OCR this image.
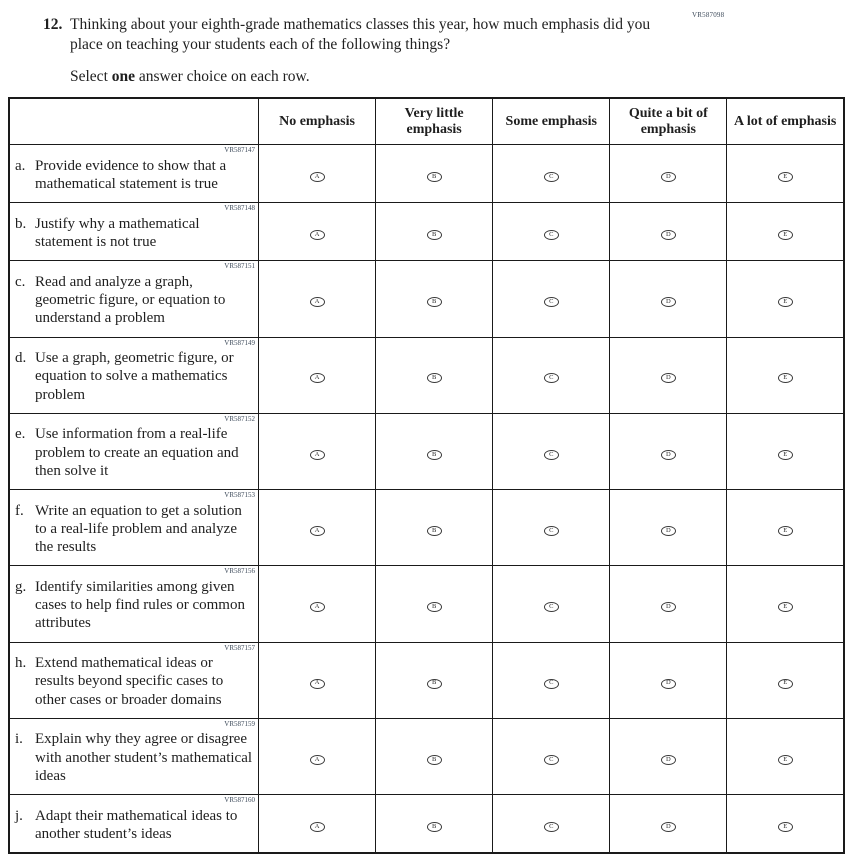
VR587098
12. Thinking about your eighth-grade mathematics classes this year, how much emphasis did you place on teaching your students each of the following things?
Select one answer choice on each row.
	No emphasis	Very little emphasis	Some emphasis	Quite a bit of emphasis	A lot of emphasis

VR587147
a. Provide evidence to show that a mathematical statement is true	A	B	C	D	E

VR587148
b. Justify why a mathematical statement is not true	A	B	C	D	E

VR587151
c. Read and analyze a graph, geometric figure, or equation to understand a problem	A	B	C	D	E

VR587149
d. Use a graph, geometric figure, or equation to solve a mathematics problem	A	B	C	D	E

VR587152
e. Use information from a real-life problem to create an equation and then solve it	A	B	C	D	E

VR587153
f. Write an equation to get a solution to a real-life problem and analyze the results	A	B	C	D	E

VR587156
g. Identify similarities among given cases to help find rules or common attributes	A	B	C	D	E

VR587157
h. Extend mathematical ideas or results beyond specific cases to other cases or broader domains	A	B	C	D	E

VR587159
i. Explain why they agree or disagree with another student’s mathematical ideas	A	B	C	D	E

VR587160
j. Adapt their mathematical ideas to another student’s ideas	A	B	C	D	E
